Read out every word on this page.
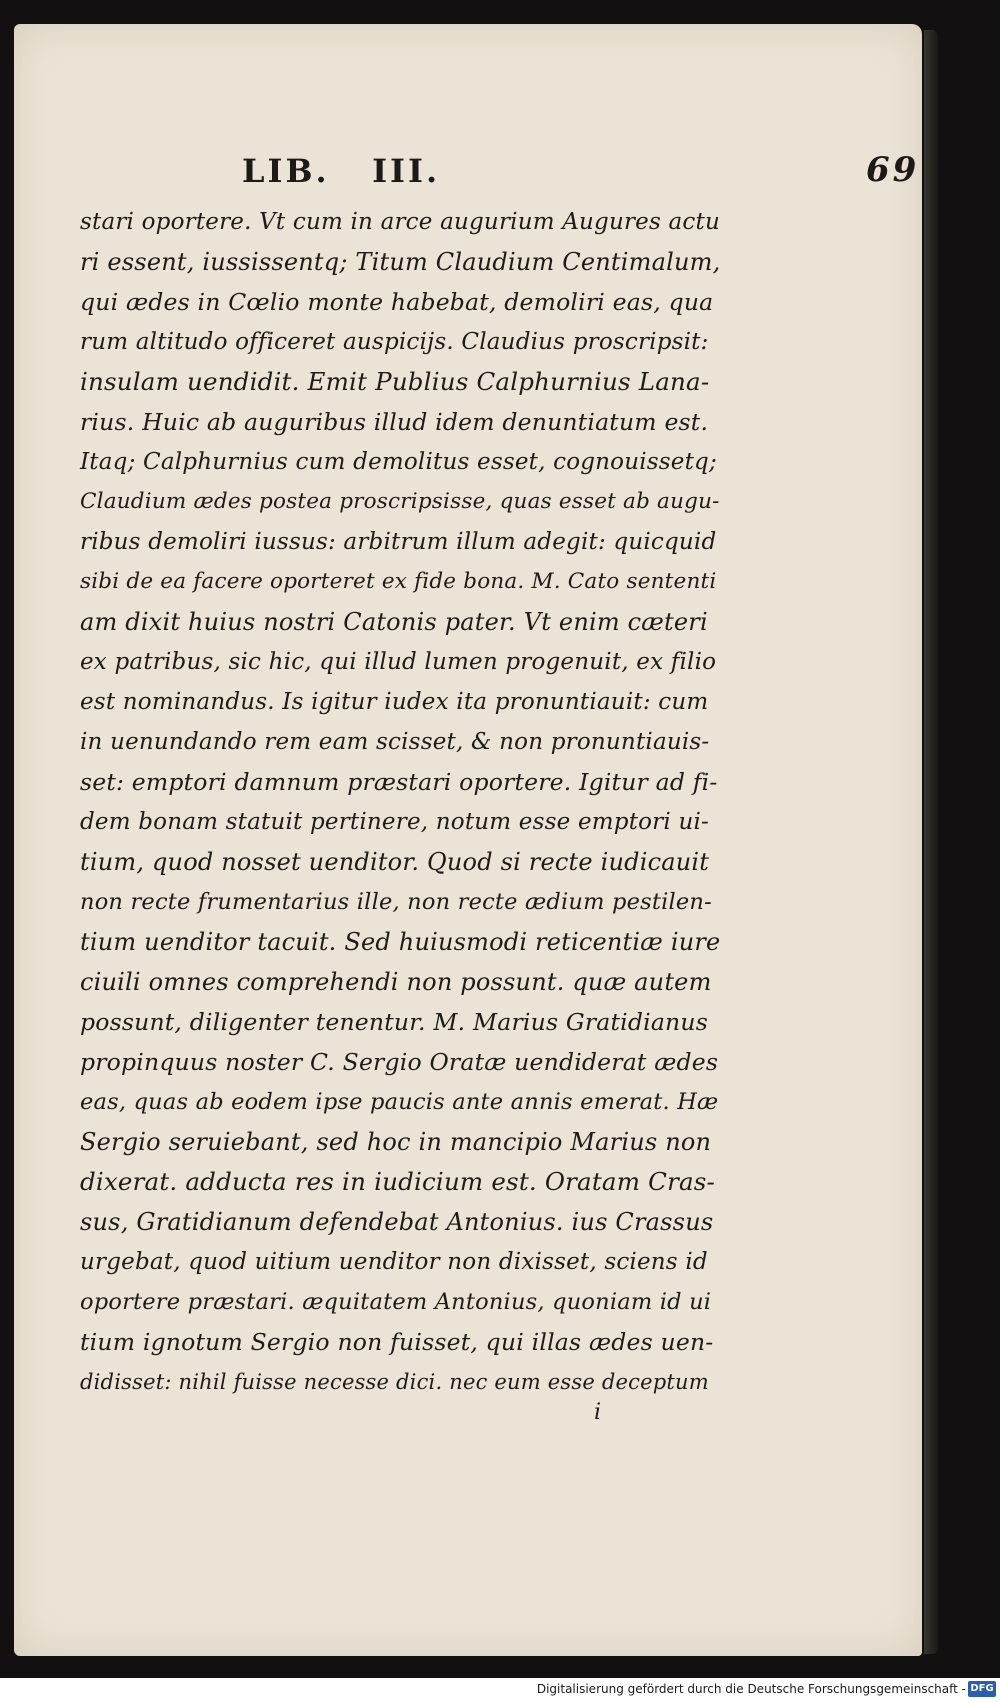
LIB.   III.	69
stari oportere. Vt cum in arce augurium Augures actu
ri essent, iussissentq; Titum Claudium Centimalum,
qui ædes in Cœlio monte habebat, demoliri eas, qua
rum altitudo officeret auspicijs. Claudius proscripsit:
insulam uendidit. Emit Publius Calphurnius Lana-
rius. Huic ab auguribus illud idem denuntiatum est.
Itaq; Calphurnius cum demolitus esset, cognouissetq;
Claudium ædes postea proscripsisse, quas esset ab augu-
ribus demoliri iussus: arbitrum illum adegit: quicquid
sibi de ea facere oporteret ex fide bona. M. Cato sententi
am dixit huius nostri Catonis pater. Vt enim cæteri
ex patribus, sic hic, qui illud lumen progenuit, ex filio
est nominandus. Is igitur iudex ita pronuntiauit: cum
in uenundando rem eam scisset, & non pronuntiauis-
set: emptori damnum præstari oportere. Igitur ad fi-
dem bonam statuit pertinere, notum esse emptori ui-
tium, quod nosset uenditor. Quod si recte iudicauit
non recte frumentarius ille, non recte ædium pestilen-
tium uenditor tacuit. Sed huiusmodi reticentiæ iure
ciuili omnes comprehendi non possunt. quæ autem
possunt, diligenter tenentur. M. Marius Gratidianus
propinquus noster C. Sergio Oratæ uendiderat ædes
eas, quas ab eodem ipse paucis ante annis emerat. Hæ
Sergio seruiebant, sed hoc in mancipio Marius non
dixerat. adducta res in iudicium est. Oratam Cras-
sus, Gratidianum defendebat Antonius. ius Crassus
urgebat, quod uitium uenditor non dixisset, sciens id
oportere præstari. æquitatem Antonius, quoniam id ui
tium ignotum Sergio non fuisset, qui illas ædes uen-
didisset: nihil fuisse necesse dici. nec eum esse deceptum
i
Digitalisierung gefördert durch die Deutsche Forschungsgemeinschaft - DFG
